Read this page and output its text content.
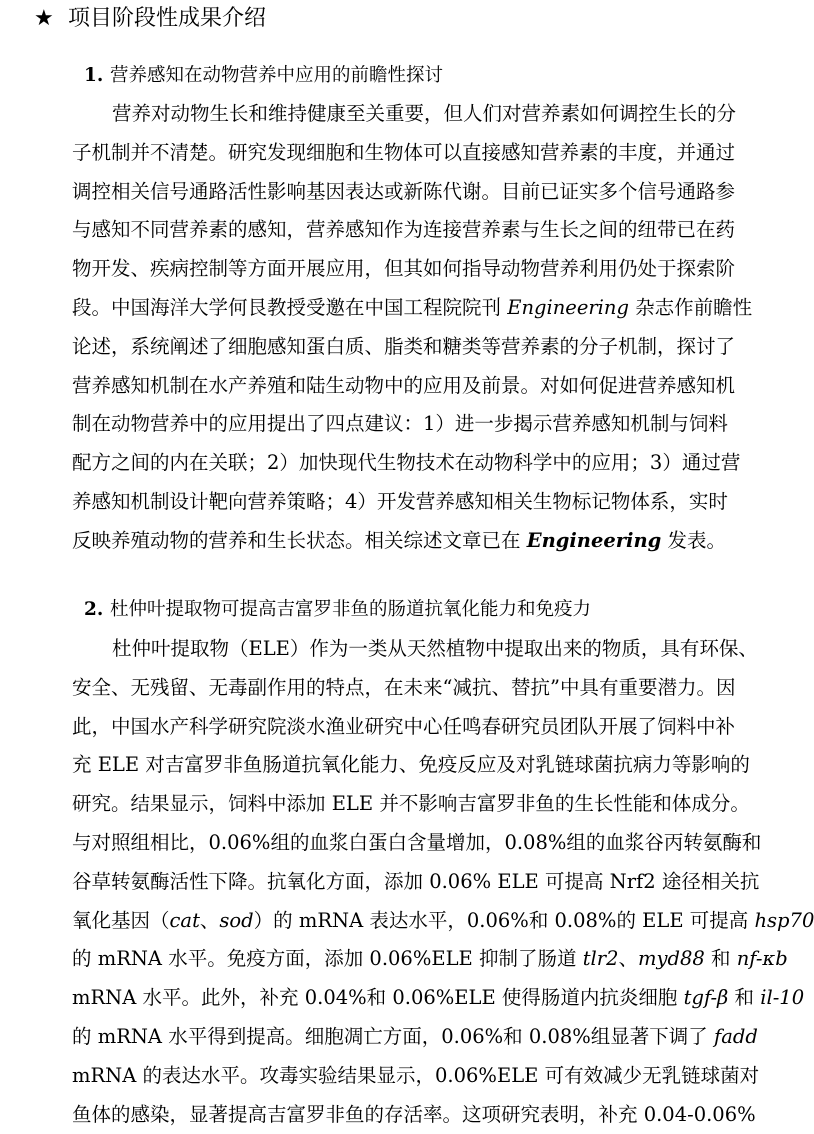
★ 项目阶段性成果介绍
1. 营养感知在动物营养中应用的前瞻性探讨
营养对动物生长和维持健康至关重要，但人们对营养素如何调控生长的分
子机制并不清楚。研究发现细胞和生物体可以直接感知营养素的丰度，并通过
调控相关信号通路活性影响基因表达或新陈代谢。目前已证实多个信号通路参
与感知不同营养素的感知，营养感知作为连接营养素与生长之间的纽带已在药
物开发、疾病控制等方面开展应用，但其如何指导动物营养利用仍处于探索阶
段。中国海洋大学何艮教授受邀在中国工程院院刊 Engineering 杂志作前瞻性
论述，系统阐述了细胞感知蛋白质、脂类和糖类等营养素的分子机制，探讨了
营养感知机制在水产养殖和陆生动物中的应用及前景。对如何促进营养感知机
制在动物营养中的应用提出了四点建议：1）进一步揭示营养感知机制与饲料
配方之间的内在关联；2）加快现代生物技术在动物科学中的应用；3）通过营
养感知机制设计靶向营养策略；4）开发营养感知相关生物标记物体系，实时
反映养殖动物的营养和生长状态。相关综述文章已在 Engineering 发表。
2. 杜仲叶提取物可提高吉富罗非鱼的肠道抗氧化能力和免疫力
杜仲叶提取物（ELE）作为一类从天然植物中提取出来的物质，具有环保、
安全、无残留、无毒副作用的特点，在未来“减抗、替抗”中具有重要潜力。因
此，中国水产科学研究院淡水渔业研究中心任鸣春研究员团队开展了饲料中补
充 ELE 对吉富罗非鱼肠道抗氧化能力、免疫反应及对乳链球菌抗病力等影响的
研究。结果显示，饲料中添加 ELE 并不影响吉富罗非鱼的生长性能和体成分。
与对照组相比，0.06%组的血浆白蛋白含量增加，0.08%组的血浆谷丙转氨酶和
谷草转氨酶活性下降。抗氧化方面，添加 0.06% ELE 可提高 Nrf2 途径相关抗
氧化基因（cat、sod）的 mRNA 表达水平，0.06%和 0.08%的 ELE 可提高 hsp70
的 mRNA 水平。免疫方面，添加 0.06%ELE 抑制了肠道 tlr2、myd88 和 nf-κb
mRNA 水平。此外，补充 0.04%和 0.06%ELE 使得肠道内抗炎细胞 tgf-β 和 il-10
的 mRNA 水平得到提高。细胞凋亡方面，0.06%和 0.08%组显著下调了 fadd
mRNA 的表达水平。攻毒实验结果显示，0.06%ELE 可有效减少无乳链球菌对
鱼体的感染，显著提高吉富罗非鱼的存活率。这项研究表明，补充 0.04-0.06%
